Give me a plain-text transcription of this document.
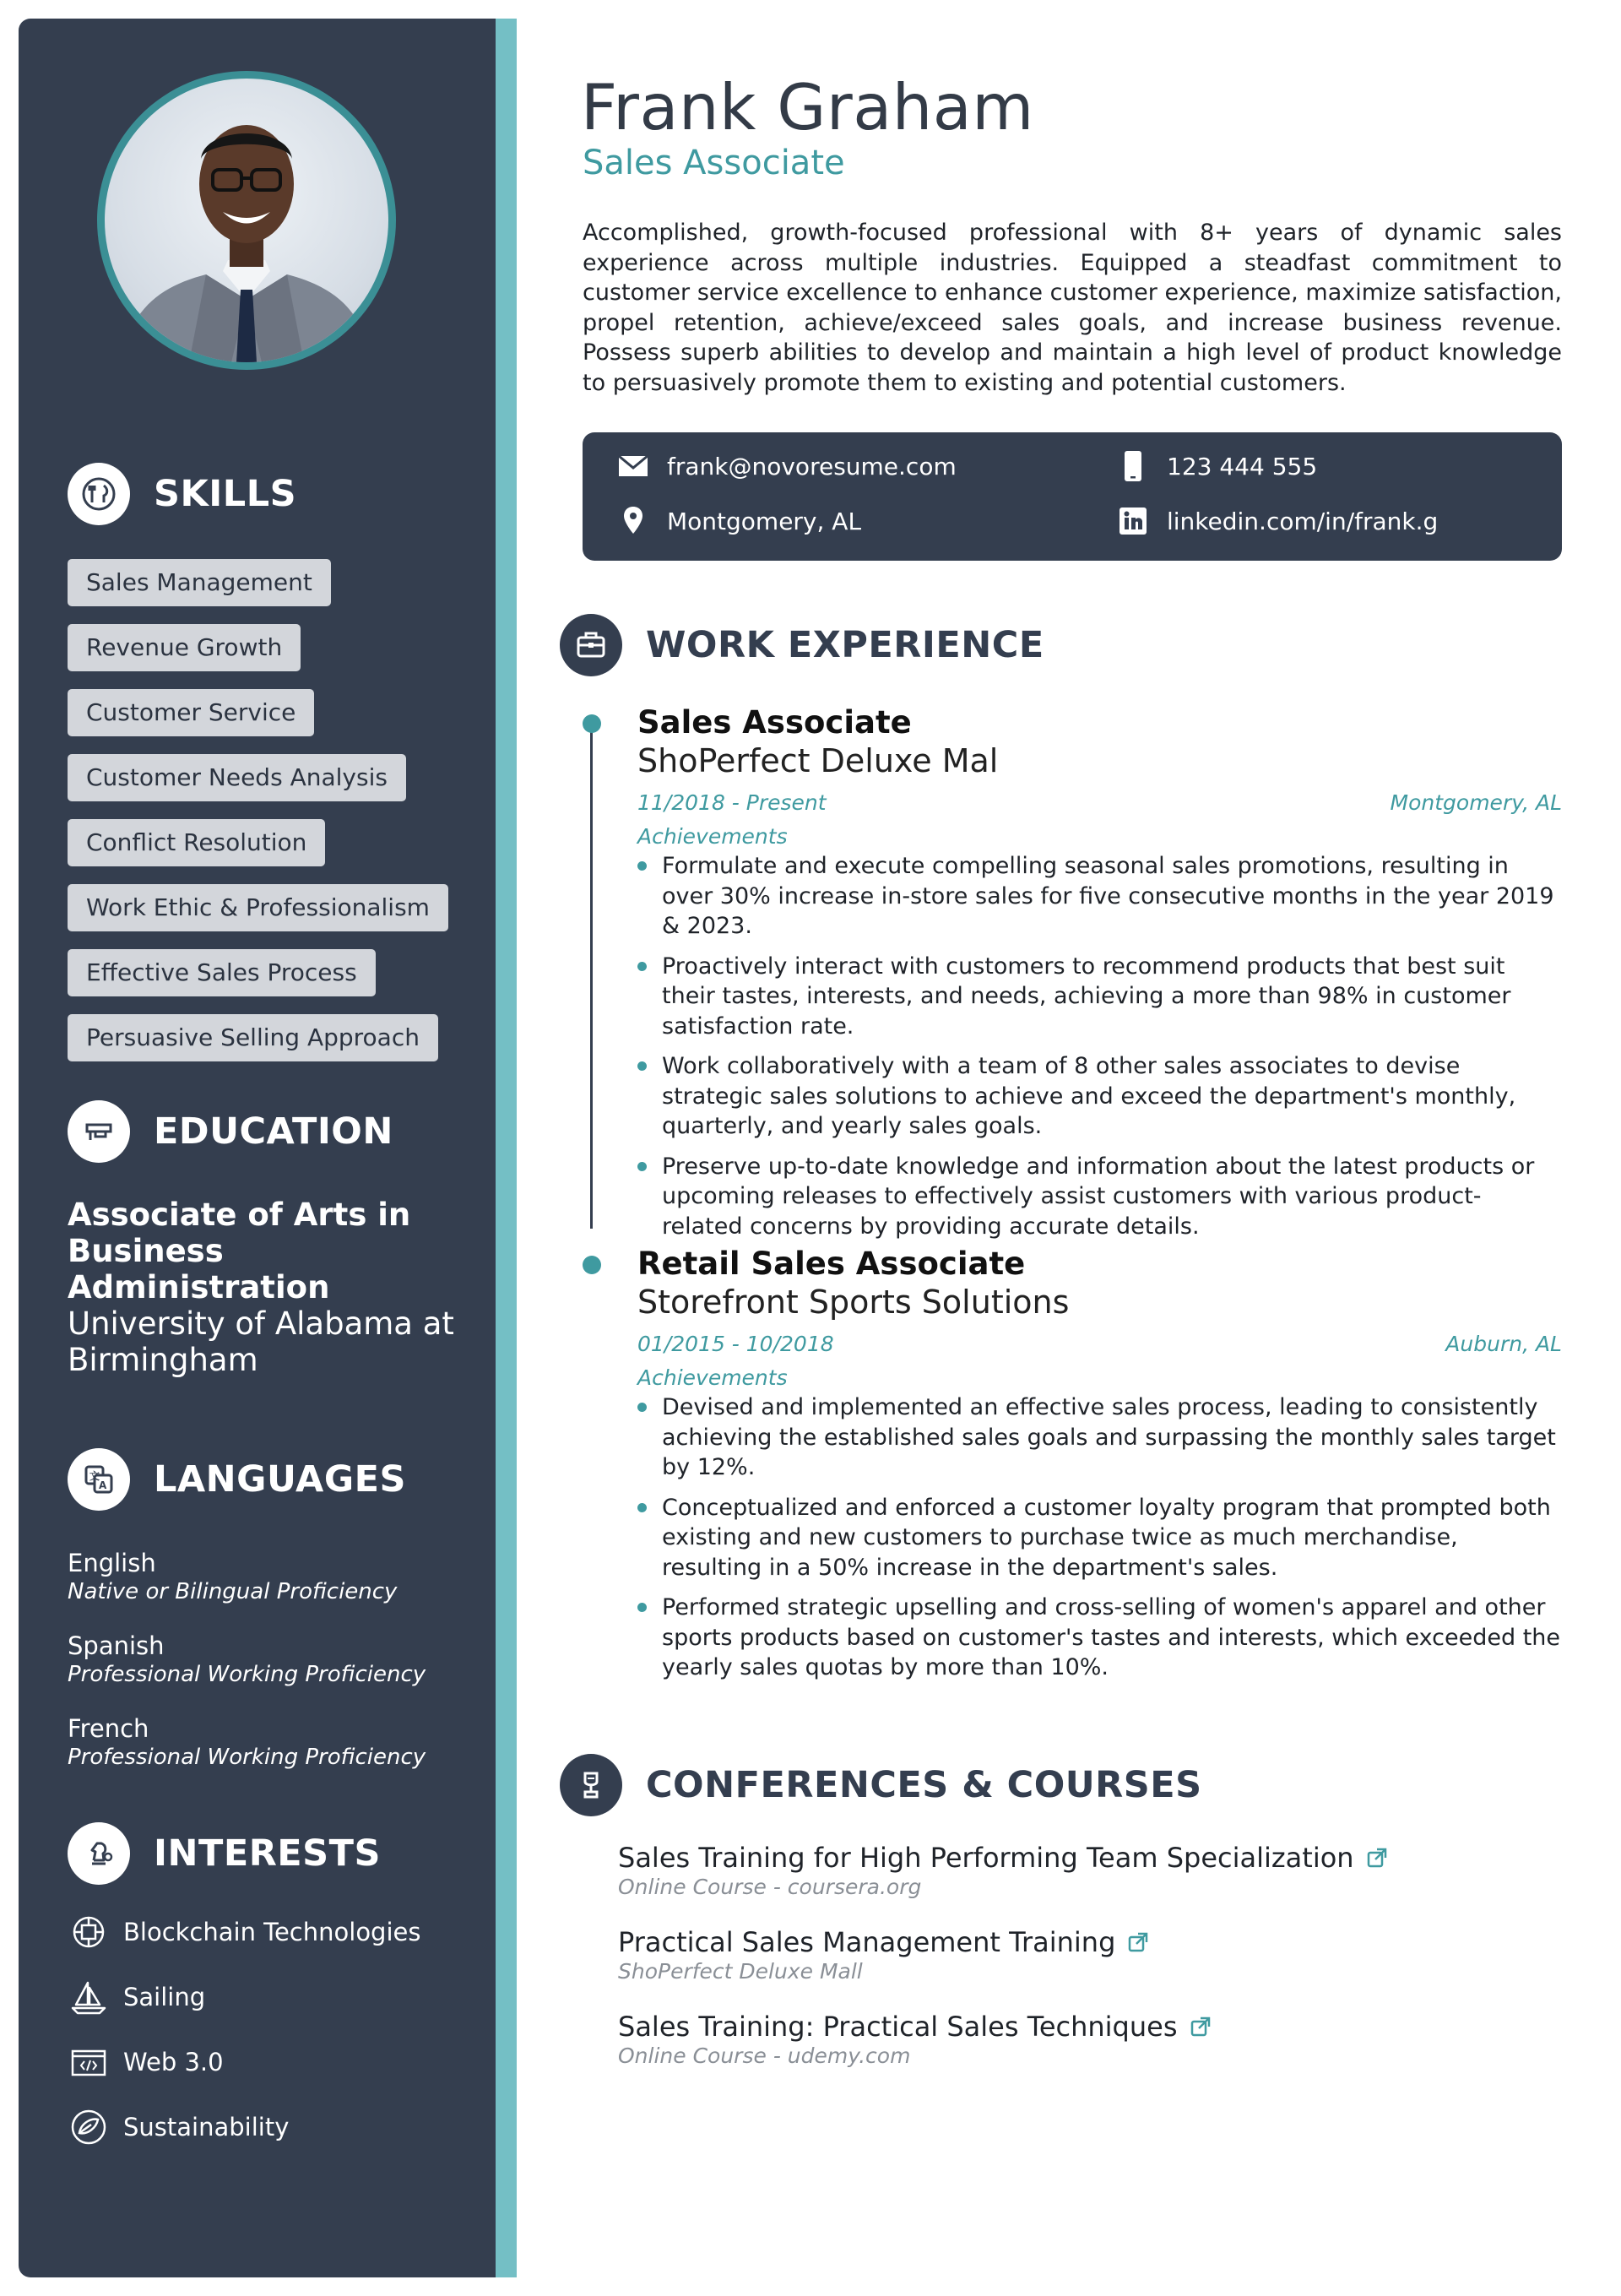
SKILLS
Sales Management
Revenue Growth
Customer Service
Customer Needs Analysis
Conflict Resolution
Work Ethic & Professionalism
Effective Sales Process
Persuasive Selling Approach
EDUCATION
Associate of Arts in Business Administration
University of Alabama at Birmingham
文
A LANGUAGES
English
Native or Bilingual Proficiency
Spanish
Professional Working Proficiency
French
Professional Working Proficiency
INTERESTS
Blockchain Technologies
Sailing
Web 3.0
Sustainability
Frank Graham
Sales Associate
Accomplished, growth-focused professional with 8+ years of dynamic sales experience across multiple industries. Equipped a steadfast commitment to customer service excellence to enhance customer experience, maximize satisfaction, propel retention, achieve/exceed sales goals, and increase business revenue. Possess superb abilities to develop and maintain a high level of product knowledge to persuasively promote them to existing and potential customers.
frank@novoresume.com	123 444 555
Montgomery, AL	linkedin.com/in/frank.g
WORK EXPERIENCE
Sales Associate
ShoPerfect Deluxe Mal
11/2018 - Present	Montgomery, AL
Achievements
Formulate and execute compelling seasonal sales promotions, resulting in over 30% increase in-store sales for five consecutive months in the year 2019 & 2023.
Proactively interact with customers to recommend products that best suit their tastes, interests, and needs, achieving a more than 98% in customer satisfaction rate.
Work collaboratively with a team of 8 other sales associates to devise strategic sales solutions to achieve and exceed the department's monthly, quarterly, and yearly sales goals.
Preserve up-to-date knowledge and information about the latest products or upcoming releases to effectively assist customers with various product-related concerns by providing accurate details.
Retail Sales Associate
Storefront Sports Solutions
01/2015 - 10/2018	Auburn, AL
Achievements
Devised and implemented an effective sales process, leading to consistently achieving the established sales goals and surpassing the monthly sales target by 12%.
Conceptualized and enforced a customer loyalty program that prompted both existing and new customers to purchase twice as much merchandise, resulting in a 50% increase in the department's sales.
Performed strategic upselling and cross-selling of women's apparel and other sports products based on customer's tastes and interests, which exceeded the yearly sales quotas by more than 10%.
CONFERENCES & COURSES
Sales Training for High Performing Team Specialization
Online Course - coursera.org
Practical Sales Management Training
ShoPerfect Deluxe Mall
Sales Training: Practical Sales Techniques
Online Course - udemy.com
